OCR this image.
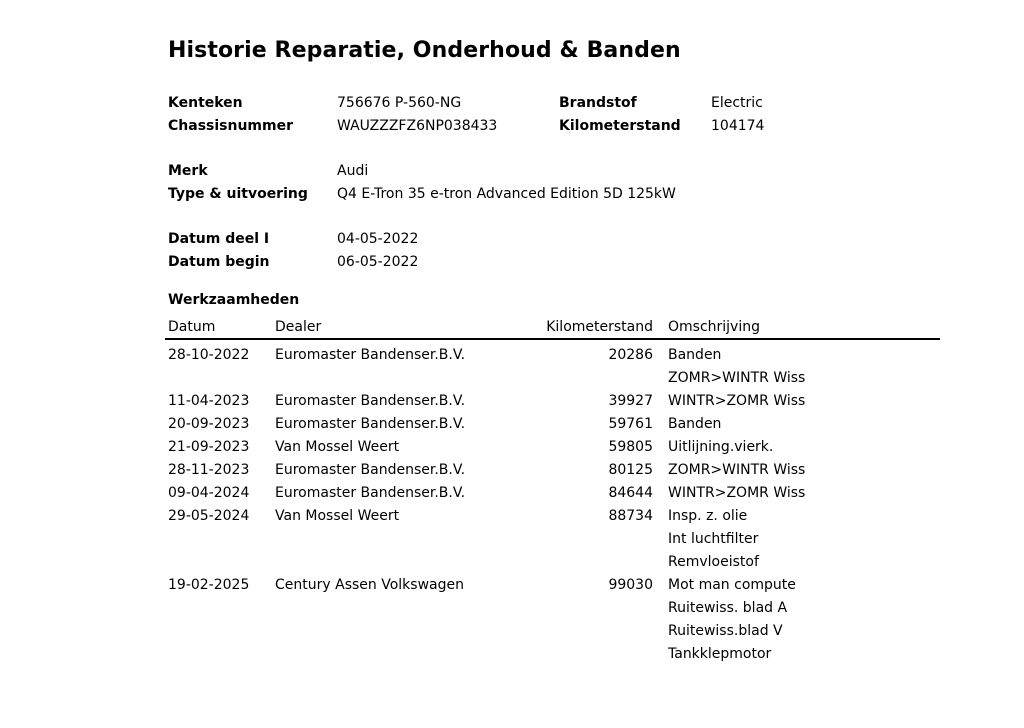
Historie Reparatie, Onderhoud & Banden
Kenteken	756676 P-560-NG	Brandstof	Electric
Chassisnummer	WAUZZZFZ6NP038433	Kilometerstand 104174
Merk	Audi
Type & uitvoering Q4 E-Tron 35 e-tron Advanced Edition 5D 125kW
Datum deel I	04-05-2022
Datum begin	06-05-2022
Werkzaamheden
Datum	Dealer	Kilometerstand Omschrijving
28-10-2022 Euromaster Bandenser.B.V.	20286 Banden
ZOMR>WINTR Wiss
11-04-2023 Euromaster Bandenser.B.V.	39927 WINTR>ZOMR Wiss
20-09-2023 Euromaster Bandenser.B.V.	59761 Banden
21-09-2023 Van Mossel Weert	59805 Uitlijning.vierk.
28-11-2023 Euromaster Bandenser.B.V.	80125 ZOMR>WINTR Wiss
09-04-2024 Euromaster Bandenser.B.V.	84644 WINTR>ZOMR Wiss
29-05-2024 Van Mossel Weert	88734 Insp. z. olie
Int luchtfilter
Remvloeistof
19-02-2025 Century Assen Volkswagen	99030 Mot man compute
Ruitewiss. blad A
Ruitewiss.blad V
Tankklepmotor
